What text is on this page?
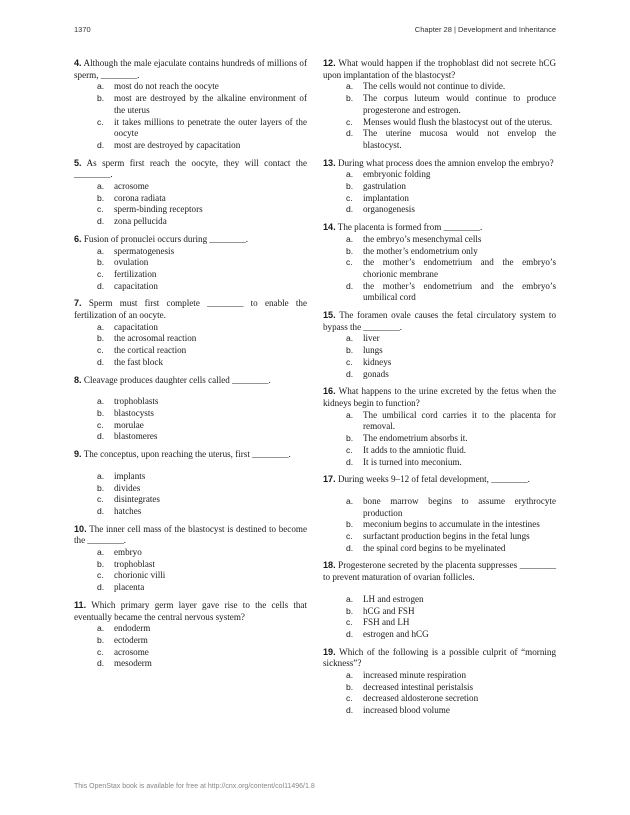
1370	Chapter 28 | Development and Inheritance
4. Although the male ejaculate contains hundreds of millions of sperm, ________.
a. most do not reach the oocyte
b. most are destroyed by the alkaline environment of the uterus
c. it takes millions to penetrate the outer layers of the oocyte
d. most are destroyed by capacitation
5. As sperm first reach the oocyte, they will contact the ________.
a. acrosome
b. corona radiata
c. sperm-binding receptors
d. zona pellucida
6. Fusion of pronuclei occurs during ________.
a. spermatogenesis
b. ovulation
c. fertilization
d. capacitation
7. Sperm must first complete ________ to enable the fertilization of an oocyte.
a. capacitation
b. the acrosomal reaction
c. the cortical reaction
d. the fast block
8. Cleavage produces daughter cells called ________.
a. trophoblasts
b. blastocysts
c. morulae
d. blastomeres
9. The conceptus, upon reaching the uterus, first ________.
a. implants
b. divides
c. disintegrates
d. hatches
10. The inner cell mass of the blastocyst is destined to become the ________.
a. embryo
b. trophoblast
c. chorionic villi
d. placenta
11. Which primary germ layer gave rise to the cells that eventually became the central nervous system?
a. endoderm
b. ectoderm
c. acrosome
d. mesoderm
12. What would happen if the trophoblast did not secrete hCG upon implantation of the blastocyst?
a. The cells would not continue to divide.
b. The corpus luteum would continue to produce progesterone and estrogen.
c. Menses would flush the blastocyst out of the uterus.
d. The uterine mucosa would not envelop the blastocyst.
13. During what process does the amnion envelop the embryo?
a. embryonic folding
b. gastrulation
c. implantation
d. organogenesis
14. The placenta is formed from ________.
a. the embryo’s mesenchymal cells
b. the mother’s endometrium only
c. the mother’s endometrium and the embryo’s chorionic membrane
d. the mother’s endometrium and the embryo’s umbilical cord
15. The foramen ovale causes the fetal circulatory system to bypass the ________.
a. liver
b. lungs
c. kidneys
d. gonads
16. What happens to the urine excreted by the fetus when the kidneys begin to function?
a. The umbilical cord carries it to the placenta for removal.
b. The endometrium absorbs it.
c. It adds to the amniotic fluid.
d. It is turned into meconium.
17. During weeks 9–12 of fetal development, ________.
a. bone marrow begins to assume erythrocyte production
b. meconium begins to accumulate in the intestines
c. surfactant production begins in the fetal lungs
d. the spinal cord begins to be myelinated
18. Progesterone secreted by the placenta suppresses ________ to prevent maturation of ovarian follicles.
a. LH and estrogen
b. hCG and FSH
c. FSH and LH
d. estrogen and hCG
19. Which of the following is a possible culprit of “morning sickness”?
a. increased minute respiration
b. decreased intestinal peristalsis
c. decreased aldosterone secretion
d. increased blood volume
This OpenStax book is available for free at http://cnx.org/content/col11496/1.8
